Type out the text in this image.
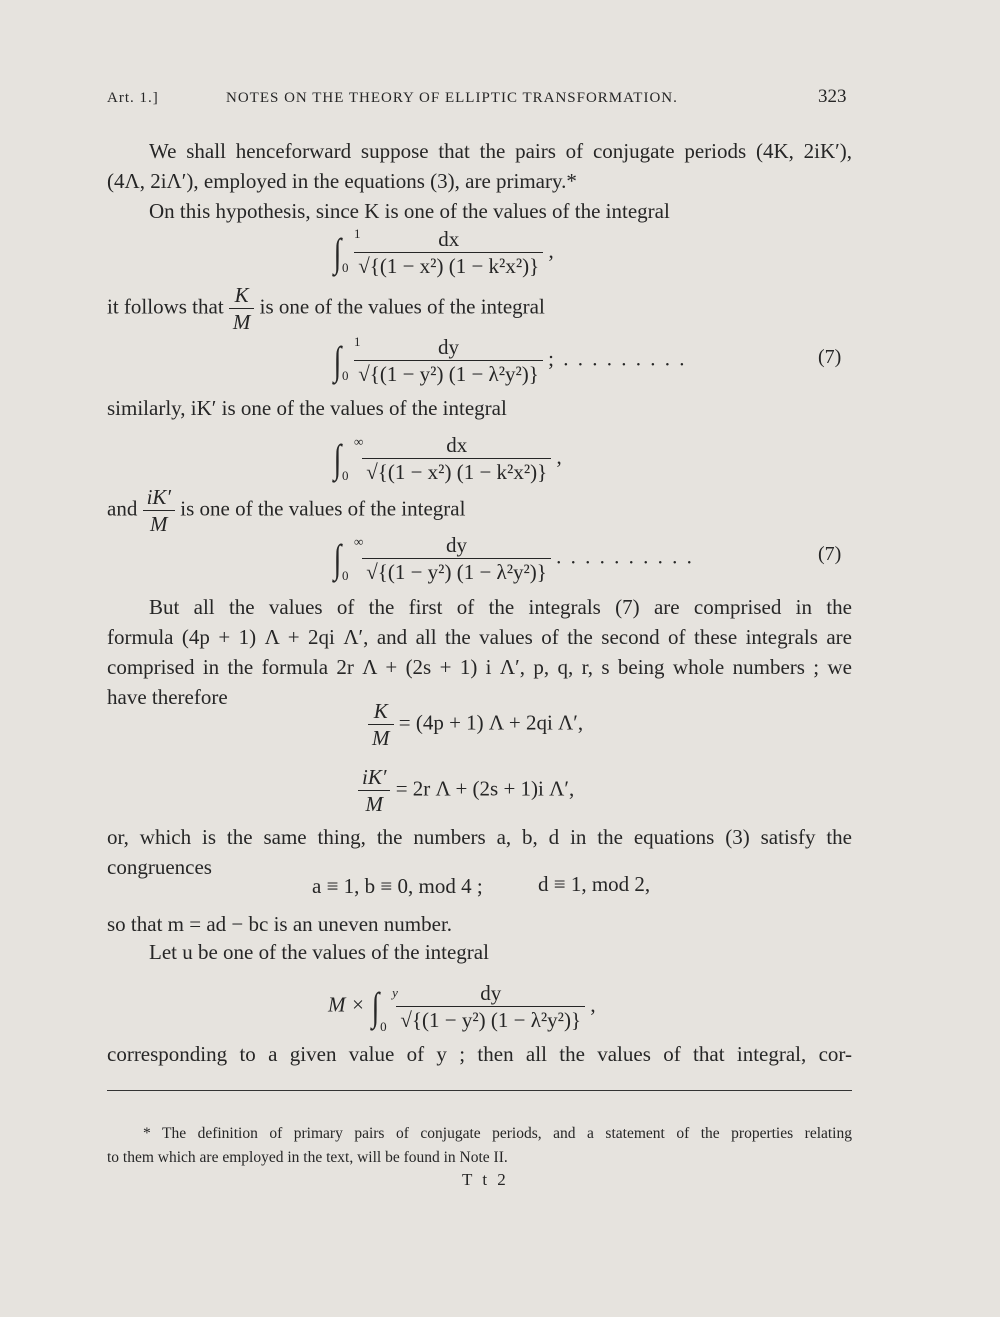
Art. 1.]	NOTES ON THE THEORY OF ELLIPTIC TRANSFORMATION.	323
We shall henceforward suppose that the pairs of conjugate periods (4K, 2iK′),
(4Λ, 2iΛ′), employed in the equations (3), are primary.*
On this hypothesis, since K is one of the values of the integral
∫ 1
$0 \frac{dx}{\text{√\{(1 − x²) (1 − k²x²)\}}}$ ,
it follows that $\frac{K}{M}$ is one of the values of the integral
∫ 1
$0 \frac{dy}{\text{√\{(1 − y²) (1 − λ²y²)\}}}$ ; . . . . . . . . .	(7)
similarly, iK′ is one of the values of the integral
∫ ∞
$0 \frac{dx}{\text{√\{(1 − x²) (1 − k²x²)\}}}$ ,
and $\frac{iK'}{M}$ is one of the values of the integral
∫ ∞
$0 \frac{dy}{\text{√\{(1 − y²) (1 − λ²y²)\}}}$ . . . . . . . . . .	(7)
But all the values of the first of the integrals (7) are comprised in the
formula (4p + 1) Λ + 2qi Λ′, and all the values of the second of these integrals are
comprised in the formula 2r Λ + (2s + 1) i Λ′, p, q, r, s being whole numbers ; we
have therefore
$\frac{K}{M} = (4p + 1) \Lambda + 2qi$ Λ′,
$\frac{iK'}{M} = 2r$ Λ + (2s + 1)i Λ′,
or, which is the same thing, the numbers a, b, d in the equations (3) satisfy the
congruences
a ≡ 1, b ≡ 0, mod 4 ;	d ≡ 1, mod 2,
so that m = ad − bc is an uneven number.
Let u be one of the values of the integral
M × ∫ y
0
$\frac{dy}{\text{√\{(1 − y²) (1 − λ²y²)\}}}$ ,
corresponding to a given value of y ; then all the values of that integral, cor-
* The definition of primary pairs of conjugate periods, and a statement of the properties relating
to them which are employed in the text, will be found in Note II.
T t 2
